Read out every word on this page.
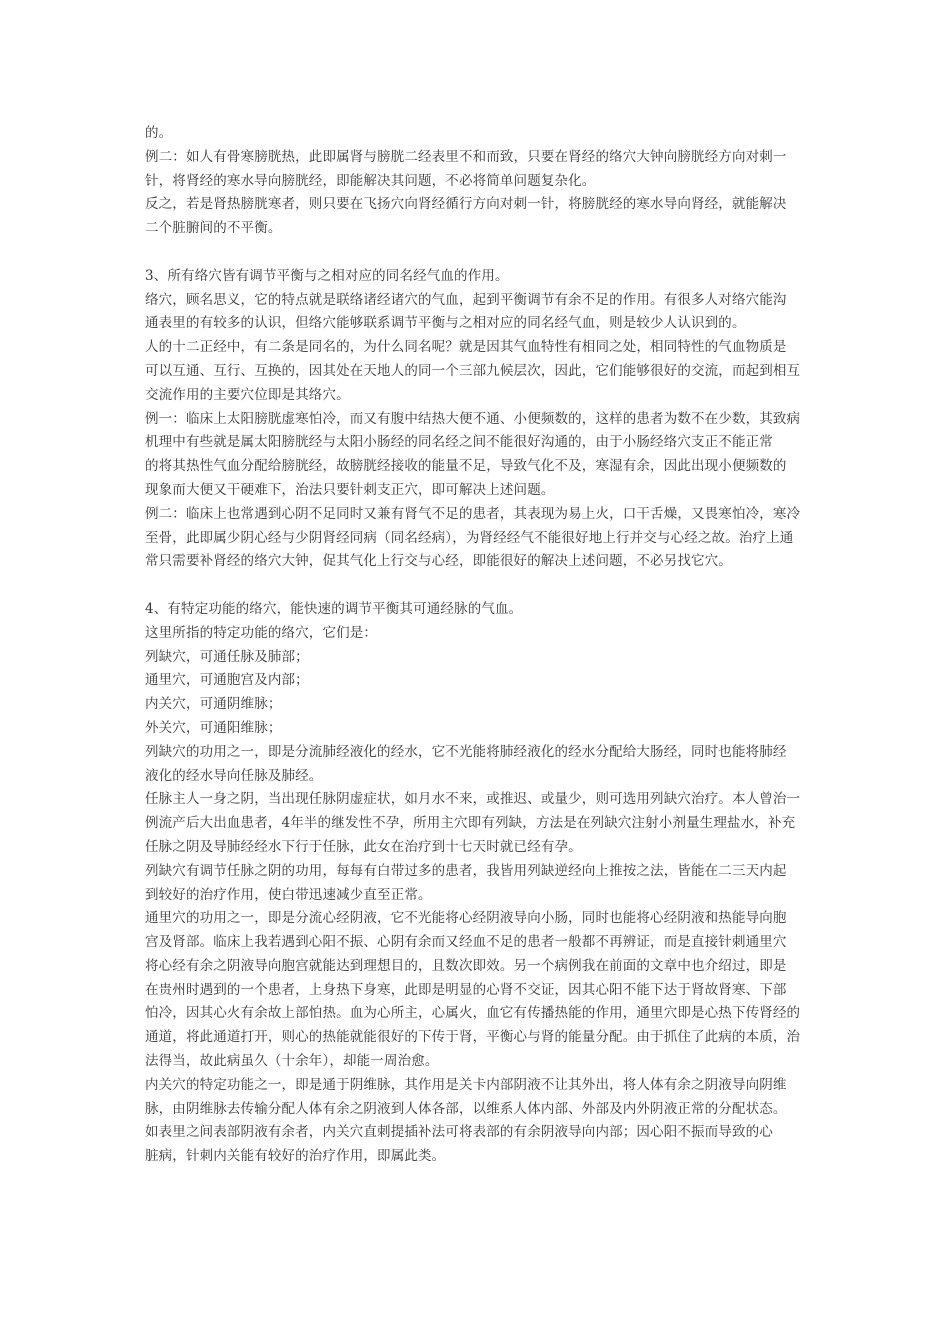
的。
例二：如人有骨寒膀胱热，此即属肾与膀胱二经表里不和而致，只要在肾经的络穴大钟向膀胱经方向对刺一
针，将肾经的寒水导向膀胱经，即能解决其问题，不必将简单问题复杂化。
反之，若是肾热膀胱寒者，则只要在飞扬穴向肾经循行方向对刺一针，将膀胱经的寒水导向肾经，就能解决
二个脏腑间的不平衡。
3、所有络穴皆有调节平衡与之相对应的同名经气血的作用。
络穴，顾名思义，它的特点就是联络诸经诸穴的气血，起到平衡调节有余不足的作用。有很多人对络穴能沟
通表里的有较多的认识，但络穴能够联系调节平衡与之相对应的同名经气血，则是较少人认识到的。
人的十二正经中，有二条是同名的，为什么同名呢？就是因其气血特性有相同之处，相同特性的气血物质是
可以互通、互行、互换的，因其处在天地人的同一个三部九候层次，因此，它们能够很好的交流，而起到相互
交流作用的主要穴位即是其络穴。
例一：临床上太阳膀胱虚寒怕冷，而又有腹中结热大便不通、小便频数的，这样的患者为数不在少数，其致病
机理中有些就是属太阳膀胱经与太阳小肠经的同名经之间不能很好沟通的，由于小肠经络穴支正不能正常
的将其热性气血分配给膀胱经，故膀胱经接收的能量不足，导致气化不及，寒湿有余，因此出现小便频数的
现象而大便又干硬难下，治法只要针刺支正穴，即可解决上述问题。
例二：临床上也常遇到心阴不足同时又兼有肾气不足的患者，其表现为易上火，口干舌燥，又畏寒怕冷，寒冷
至骨，此即属少阴心经与少阴肾经同病（同名经病），为肾经经气不能很好地上行并交与心经之故。治疗上通
常只需要补肾经的络穴大钟，促其气化上行交与心经，即能很好的解决上述问题，不必另找它穴。
4、有特定功能的络穴，能快速的调节平衡其可通经脉的气血。
这里所指的特定功能的络穴，它们是：
列缺穴，可通任脉及肺部；
通里穴，可通胞宫及内部；
内关穴，可通阴维脉；
外关穴，可通阳维脉；
列缺穴的功用之一，即是分流肺经液化的经水，它不光能将肺经液化的经水分配给大肠经，同时也能将肺经
液化的经水导向任脉及肺经。
任脉主人一身之阴，当出现任脉阴虚症状，如月水不来，或推迟、或量少，则可选用列缺穴治疗。本人曾治一
例流产后大出血患者，4年半的继发性不孕，所用主穴即有列缺，方法是在列缺穴注射小剂量生理盐水，补充
任脉之阴及导肺经经水下行于任脉，此女在治疗到十七天时就已经有孕。
列缺穴有调节任脉之阴的功用，每每有白带过多的患者，我皆用列缺逆经向上推按之法，皆能在二三天内起
到较好的治疗作用，使白带迅速减少直至正常。
通里穴的功用之一，即是分流心经阴液，它不光能将心经阴液导向小肠，同时也能将心经阴液和热能导向胞
宫及肾部。临床上我若遇到心阳不振、心阴有余而又经血不足的患者一般都不再辨证，而是直接针刺通里穴
将心经有余之阴液导向胞宫就能达到理想目的，且数次即效。另一个病例我在前面的文章中也介绍过，即是
在贵州时遇到的一个患者，上身热下身寒，此即是明显的心肾不交证，因其心阳不能下达于肾故肾寒、下部
怕冷，因其心火有余故上部怕热。血为心所主，心属火，血它有传播热能的作用，通里穴即是心热下传肾经的
通道，将此通道打开，则心的热能就能很好的下传于肾，平衡心与肾的能量分配。由于抓住了此病的本质，治
法得当，故此病虽久（十余年），却能一周治愈。
内关穴的特定功能之一，即是通于阴维脉，其作用是关卡内部阴液不让其外出，将人体有余之阴液导向阴维
脉，由阴维脉去传输分配人体有余之阴液到人体各部，以维系人体内部、外部及内外阴液正常的分配状态。
如表里之间表部阴液有余者，内关穴直刺提插补法可将表部的有余阴液导向内部；因心阳不振而导致的心
脏病，针刺内关能有较好的治疗作用，即属此类。
